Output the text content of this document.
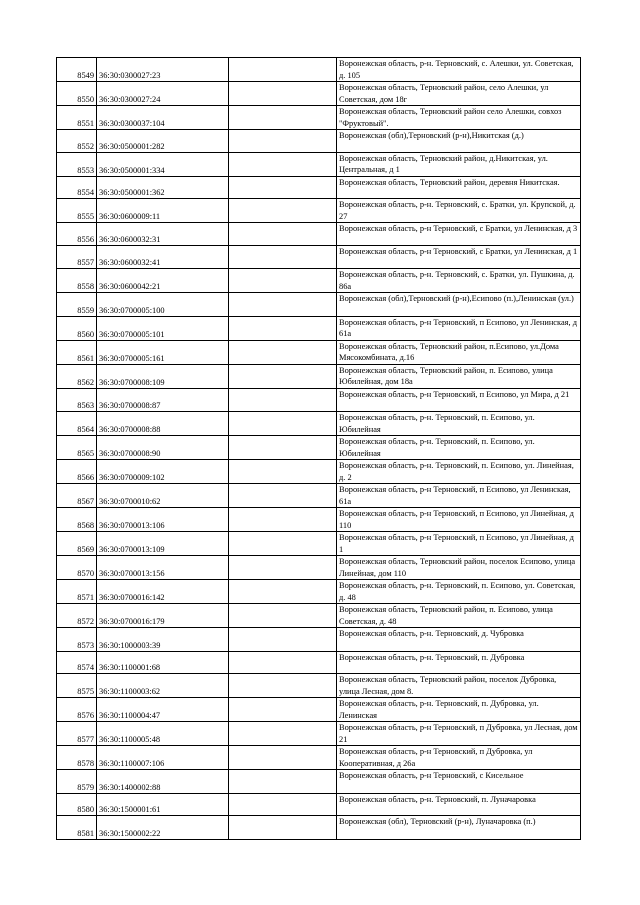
8549	36:30:0300027:23		Воронежская область, р-н. Терновский, с. Алешки, ул. Советская, д. 105
8550	36:30:0300027:24		Воронежская область, Терновский район, село Алешки, ул Советская, дом 18г
8551	36:30:0300037:104		Воронежская область, Терновский район село Алешки, совхоз "Фруктовый".
8552	36:30:0500001:282		Воронежская (обл),Терновский (р-н),Никитская (д.)
8553	36:30:0500001:334		Воронежская область, Терновский район, д.Никитская, ул. Центральная, д 1
8554	36:30:0500001:362		Воронежская область, Терновский район, деревня Никитская.
8555	36:30:0600009:11		Воронежская область, р-н. Терновский, с. Братки, ул. Крупской, д. 27
8556	36:30:0600032:31		Воронежская область, р-н Терновский, с Братки, ул Ленинская, д 3
8557	36:30:0600032:41		Воронежская область, р-н Терновский, с Братки, ул Ленинская, д 1
8558	36:30:0600042:21		Воронежская область, р-н. Терновский, с. Братки, ул. Пушкина, д. 86а
8559	36:30:0700005:100		Воронежская (обл),Терновский (р-н),Есипово (п.),Ленинская (ул.)
8560	36:30:0700005:101		Воронежская область, р-н Терновский, п Есипово, ул Ленинская, д 61а
8561	36:30:0700005:161		Воронежская область, Терновский район, п.Есипово, ул.Дома Мясокомбината, д.16
8562	36:30:0700008:109		Воронежская область, Терновский район, п. Есипово, улица Юбилейная, дом 18а
8563	36:30:0700008:87		Воронежская область, р-н Терновский, п Есипово, ул Мира, д 21
8564	36:30:0700008:88		Воронежская область, р-н. Терновский, п. Есипово, ул. Юбилейная
8565	36:30:0700008:90		Воронежская область, р-н. Терновский, п. Есипово, ул. Юбилейная
8566	36:30:0700009:102		Воронежская область, р-н. Терновский, п. Есипово, ул. Линейная, д. 2
8567	36:30:0700010:62		Воронежская область, р-н Терновский, п Есипово, ул Ленинская, 61а
8568	36:30:0700013:106		Воронежская область, р-н Терновский, п Есипово, ул Линейная, д 110
8569	36:30:0700013:109		Воронежская область, р-н Терновский, п Есипово, ул Линейная, д 1
8570	36:30:0700013:156		Воронежская область, Терновский район, поселок Есипово, улица Линейная, дом 110
8571	36:30:0700016:142		Воронежская область, р-н. Терновский, п. Есипово, ул. Советская, д. 48
8572	36:30:0700016:179		Воронежская область, Терновский район, п. Есипово, улица Советская, д. 48
8573	36:30:1000003:39		Воронежская область, р-н. Терновский, д. Чубровка
8574	36:30:1100001:68		Воронежская область, р-н. Терновский, п. Дубровка
8575	36:30:1100003:62		Воронежская область, Терновский район, поселок Дубровка, улица Лесная, дом 8.
8576	36:30:1100004:47		Воронежская область, р-н. Терновский, п. Дубровка, ул. Ленинская
8577	36:30:1100005:48		Воронежская область, р-н Терновский, п Дубровка, ул Лесная, дом 21
8578	36:30:1100007:106		Воронежская область, р-н Терновский, п Дубровка, ул Кооперативная, д 26а
8579	36:30:1400002:88		Воронежская область, р-н Терновский, с Кисельное
8580	36:30:1500001:61		Воронежская область, р-н. Терновский, п. Луначаровка
8581	36:30:1500002:22		Воронежская (обл), Терновский (р-н), Луначаровка (п.)
